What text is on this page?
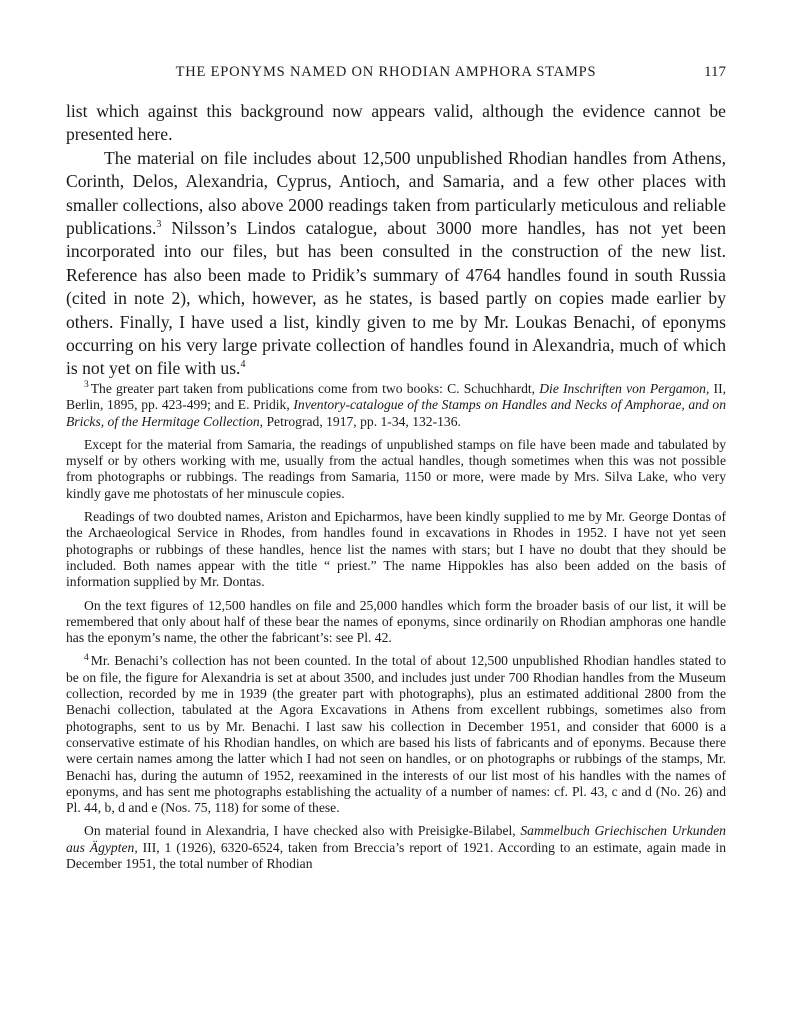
THE EPONYMS NAMED ON RHODIAN AMPHORA STAMPS	117

list which against this background now appears valid, although the evidence cannot be presented here.

The material on file includes about 12,500 unpublished Rhodian handles from Athens, Corinth, Delos, Alexandria, Cyprus, Antioch, and Samaria, and a few other places with smaller collections, also above 2000 readings taken from particularly meticulous and reliable publications.$^3$ Nilsson’s Lindos catalogue, about 3000 more handles, has not yet been incorporated into our files, but has been consulted in the construction of the new list. Reference has also been made to Pridik’s summary of 4764 handles found in south Russia (cited in note 2), which, however, as he states, is based partly on copies made earlier by others. Finally, I have used a list, kindly given to me by Mr. Loukas Benachi, of eponyms occurring on his very large private collection of handles found in Alexandria, much of which is not yet on file with us.$^4$

$^3$ The greater part taken from publications come from two books: C. Schuchhardt, Die Inschriften von Pergamon, II, Berlin, 1895, pp. 423-499; and E. Pridik, Inventory-catalogue of the Stamps on Handles and Necks of Amphorae, and on Bricks, of the Hermitage Collection, Petrograd, 1917, pp. 1-34, 132-136.

Except for the material from Samaria, the readings of unpublished stamps on file have been made and tabulated by myself or by others working with me, usually from the actual handles, though sometimes when this was not possible from photographs or rubbings. The readings from Samaria, 1150 or more, were made by Mrs. Silva Lake, who very kindly gave me photostats of her minuscule copies.

Readings of two doubted names, Ariston and Epicharmos, have been kindly supplied to me by Mr. George Dontas of the Archaeological Service in Rhodes, from handles found in excavations in Rhodes in 1952. I have not yet seen photographs or rubbings of these handles, hence list the names with stars; but I have no doubt that they should be included. Both names appear with the title “ priest.” The name Hippokles has also been added on the basis of information supplied by Mr. Dontas.

On the text figures of 12,500 handles on file and 25,000 handles which form the broader basis of our list, it will be remembered that only about half of these bear the names of eponyms, since ordinarily on Rhodian amphoras one handle has the eponym’s name, the other the fabricant’s: see Pl. 42.

$^4$ Mr. Benachi’s collection has not been counted. In the total of about 12,500 unpublished Rhodian handles stated to be on file, the figure for Alexandria is set at about 3500, and includes just under 700 Rhodian handles from the Museum collection, recorded by me in 1939 (the greater part with photographs), plus an estimated additional 2800 from the Benachi collection, tabulated at the Agora Excavations in Athens from excellent rubbings, sometimes also from photographs, sent to us by Mr. Benachi. I last saw his collection in December 1951, and consider that 6000 is a conservative estimate of his Rhodian handles, on which are based his lists of fabricants and of eponyms. Because there were certain names among the latter which I had not seen on handles, or on photographs or rubbings of the stamps, Mr. Benachi has, during the autumn of 1952, reexamined in the interests of our list most of his handles with the names of eponyms, and has sent me photographs establishing the actuality of a number of names: cf. Pl. 43, c and d (No. 26) and Pl. 44, b, d and e (Nos. 75, 118) for some of these.

On material found in Alexandria, I have checked also with Preisigke-Bilabel, Sammelbuch Griechischen Urkunden aus Ägypten, III, 1 (1926), 6320-6524, taken from Breccia’s report of 1921. According to an estimate, again made in December 1951, the total number of Rhodian
